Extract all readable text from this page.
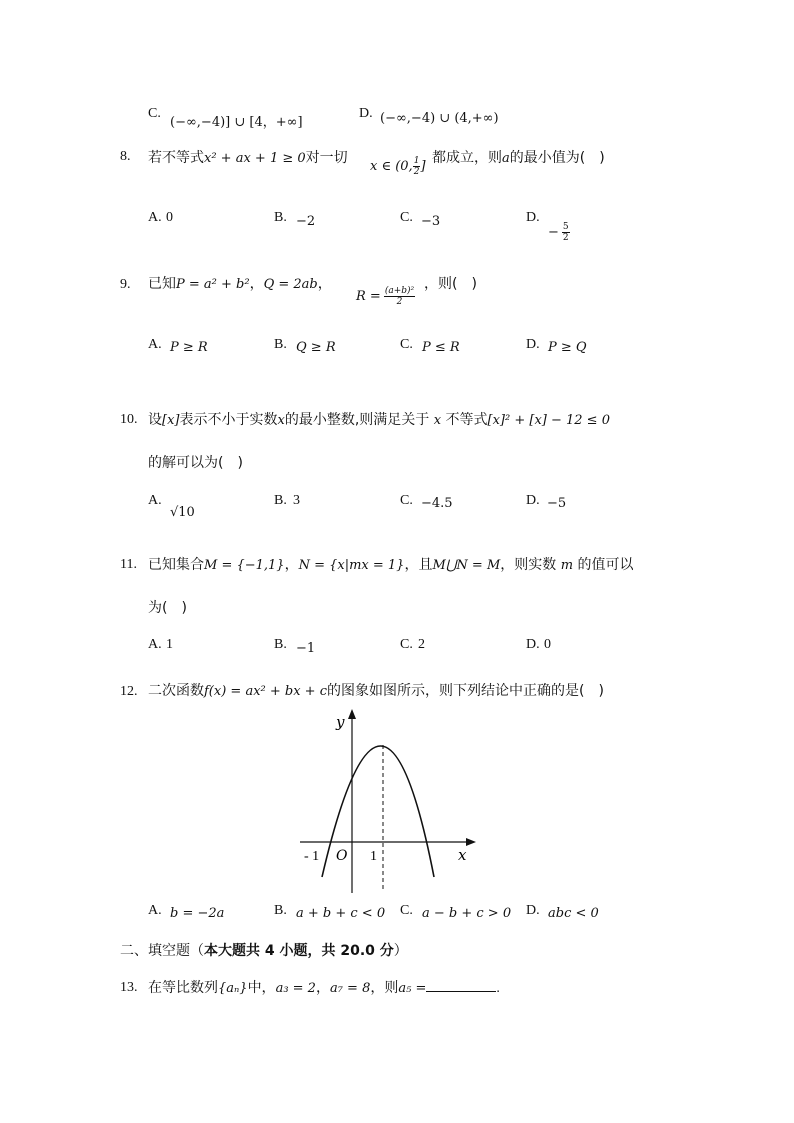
C.
(−∞,−4)] ∪ [4，+∞]
D. (−∞,−4) ∪ (4,+∞)
8. 若不等式x² + ax + 1 ≥ 0对一切
x ∈ (0, $\frac{1}{2}$ ]
都成立，则a的最小值为(　)
A. 0	B. −2	C. −3	D.
− $\frac{5}{2}$
9. 已知P = a² + b²，Q = 2ab，
$R = \frac{\text{(a+b)²}}{2}$
，则(　)
A. P ≥ R	B. Q ≥ R	C. P ≤ R	D. P ≥ Q
10. 设[x]表示不小于实数x的最小整数,则满足关于 x 不等式[x]² + [x] − 12 ≤ 0
的解可以为(　)
A.
√10
B. 3	C. −4.5	D. −5
11. 已知集合M = {−1,1}，N = {x|mx = 1}，且M⋃N = M，则实数 m 的值可以
为(　)
A. 1	B. −1	C. 2	D. 0
12. 二次函数f(x) = ax² + bx + c的图象如图所示，则下列结论中正确的是(　)
y
x
O
- 1	1
A. b = −2a	B. a + b + c < 0 C. a − b + c > 0 D. abc < 0
二、填空题（本大题共 4 小题，共 20.0 分）
13. 在等比数列{aₙ}中，a₃ = 2，a₇ = 8，则a₅ =	.
